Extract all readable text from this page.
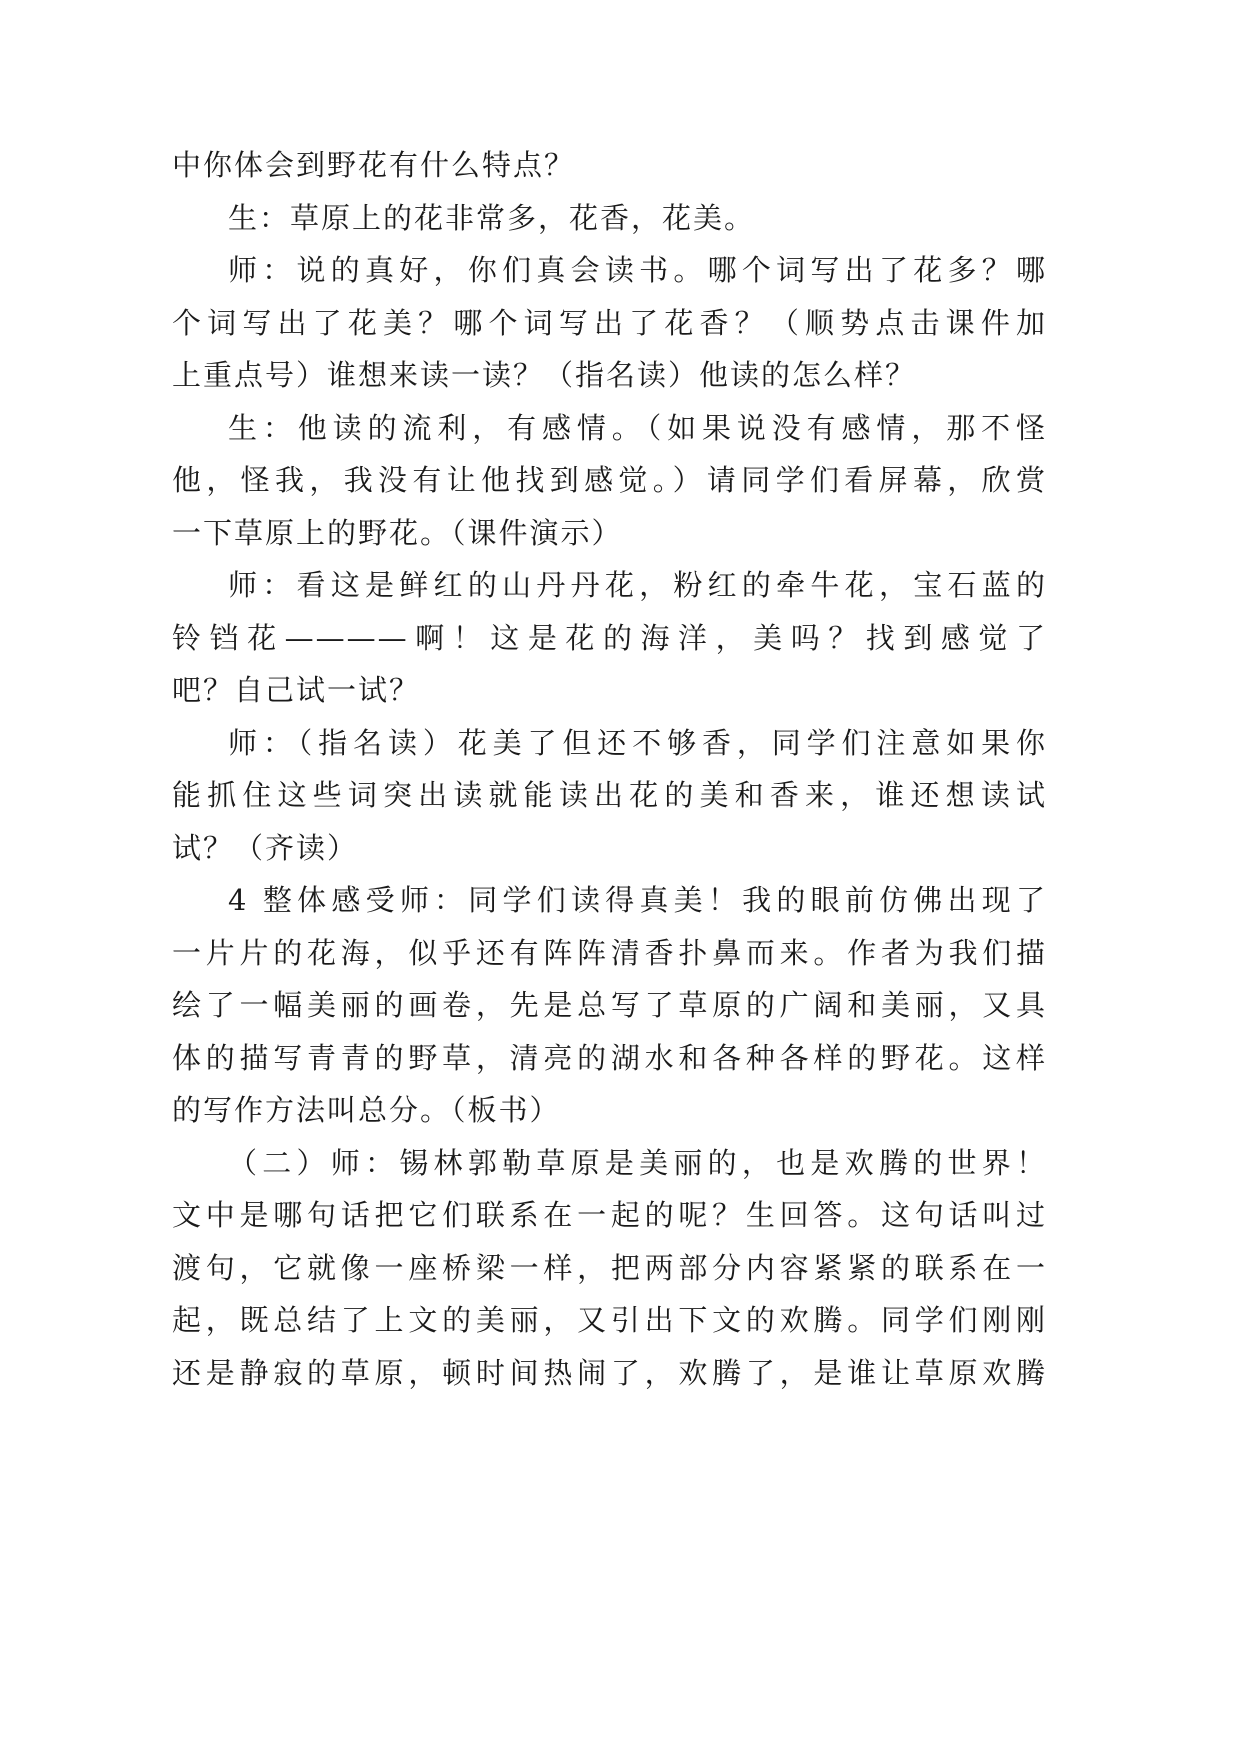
中你体会到野花有什么特点？
生：草原上的花非常多，花香，花美。
师：说的真好，你们真会读书。哪个词写出了花多？哪
个词写出了花美？哪个词写出了花香？（顺势点击课件加
上重点号）谁想来读一读？（指名读）他读的怎么样？
生：他读的流利，有感情。（如果说没有感情，那不怪
他，怪我，我没有让他找到感觉。）请同学们看屏幕，欣赏
一下草原上的野花。（课件演示）
师：看这是鲜红的山丹丹花，粉红的牵牛花，宝石蓝的
铃铛花————啊！这是花的海洋，美吗？找到感觉了
吧？自己试一试？
师：（指名读）花美了但还不够香，同学们注意如果你
能抓住这些词突出读就能读出花的美和香来，谁还想读试
试？（齐读）
4 整体感受师：同学们读得真美！我的眼前仿佛出现了
一片片的花海，似乎还有阵阵清香扑鼻而来。作者为我们描
绘了一幅美丽的画卷，先是总写了草原的广阔和美丽，又具
体的描写青青的野草，清亮的湖水和各种各样的野花。这样
的写作方法叫总分。（板书）
（二）师：锡林郭勒草原是美丽的，也是欢腾的世界！
文中是哪句话把它们联系在一起的呢？生回答。这句话叫过
渡句，它就像一座桥梁一样，把两部分内容紧紧的联系在一
起，既总结了上文的美丽，又引出下文的欢腾。同学们刚刚
还是静寂的草原，顿时间热闹了，欢腾了，是谁让草原欢腾
